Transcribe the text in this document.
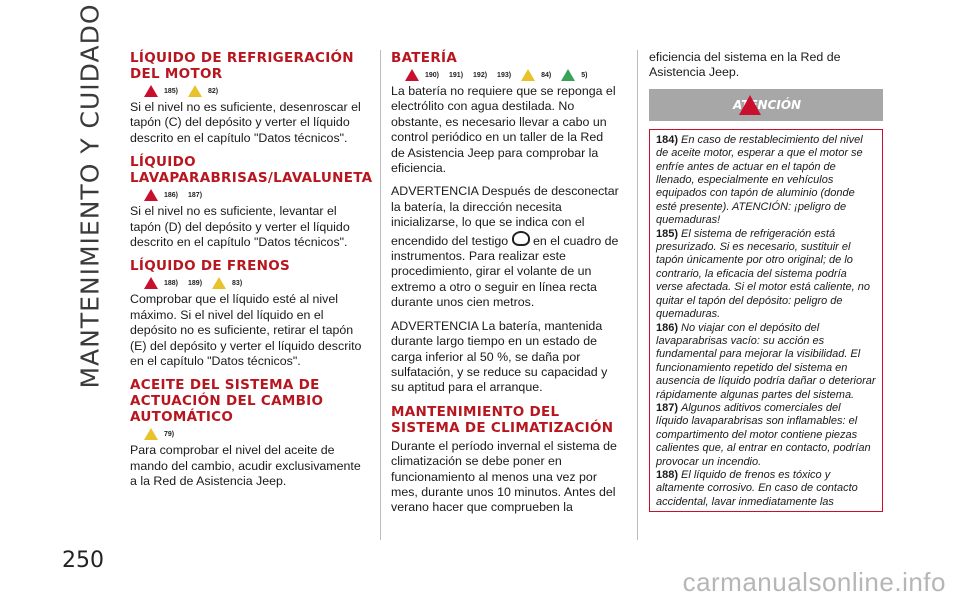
MANTENIMIENTO Y CUIDADO
250
LÍQUIDO DE REFRIGERACIÓN DEL MOTOR
185)	82)

Si el nivel no es suficiente, desenroscar el tapón (C) del depósito y verter el líquido descrito en el capítulo "Datos técnicos".

LÍQUIDO LAVAPARABRISAS/LAVALUNETA
186) 187)

Si el nivel no es suficiente, levantar el tapón (D) del depósito y verter el líquido descrito en el capítulo "Datos técnicos".

LÍQUIDO DE FRENOS
188) 189)	83)

Comprobar que el líquido esté al nivel máximo. Si el nivel del líquido en el depósito no es suficiente, retirar el tapón (E) del depósito y verter el líquido descrito en el capítulo "Datos técnicos".

ACEITE DEL SISTEMA DE ACTUACIÓN DEL CAMBIO AUTOMÁTICO
79)

Para comprobar el nivel del aceite de mando del cambio, acudir exclusivamente a la Red de Asistencia Jeep.

BATERÍA
190) 191) 192) 193)	84)	5)

La batería no requiere que se reponga el electrólito con agua destilada. No obstante, es necesario llevar a cabo un control periódico en un taller de la Red de Asistencia Jeep para comprobar la eficiencia.

ADVERTENCIA Después de desconectar la batería, la dirección necesita inicializarse, lo que se indica con el encendido del testigo en el cuadro de instrumentos. Para realizar este procedimiento, girar el volante de un extremo a otro o seguir en línea recta durante unos cien metros.

ADVERTENCIA La batería, mantenida durante largo tiempo en un estado de carga inferior al 50 %, se daña por sulfatación, y se reduce su capacidad y su aptitud para el arranque.

MANTENIMIENTO DEL SISTEMA DE CLIMATIZACIÓN

Durante el período invernal el sistema de climatización se debe poner en funcionamiento al menos una vez por mes, durante unos 10 minutos. Antes del verano hacer que comprueben la

eficiencia del sistema en la Red de Asistencia Jeep.

ATENCIÓN

184) En caso de restablecimiento del nivel de aceite motor, esperar a que el motor se enfríe antes de actuar en el tapón de llenado, especialmente en vehículos equipados con tapón de aluminio (donde esté presente). ATENCIÓN: ¡peligro de quemaduras!

185) El sistema de refrigeración está presurizado. Si es necesario, sustituir el tapón únicamente por otro original; de lo contrario, la eficacia del sistema podría verse afectada. Si el motor está caliente, no quitar el tapón del depósito: peligro de quemaduras.

186) No viajar con el depósito del lavaparabrisas vacío: su acción es fundamental para mejorar la visibilidad. El funcionamiento repetido del sistema en ausencia de líquido podría dañar o deteriorar rápidamente algunas partes del sistema.

187) Algunos aditivos comerciales del líquido lavaparabrisas son inflamables: el compartimento del motor contiene piezas calientes que, al entrar en contacto, podrían provocar un incendio.

188) El líquido de frenos es tóxico y altamente corrosivo. En caso de contacto accidental, lavar inmediatamente las

carmanualsonline.info
